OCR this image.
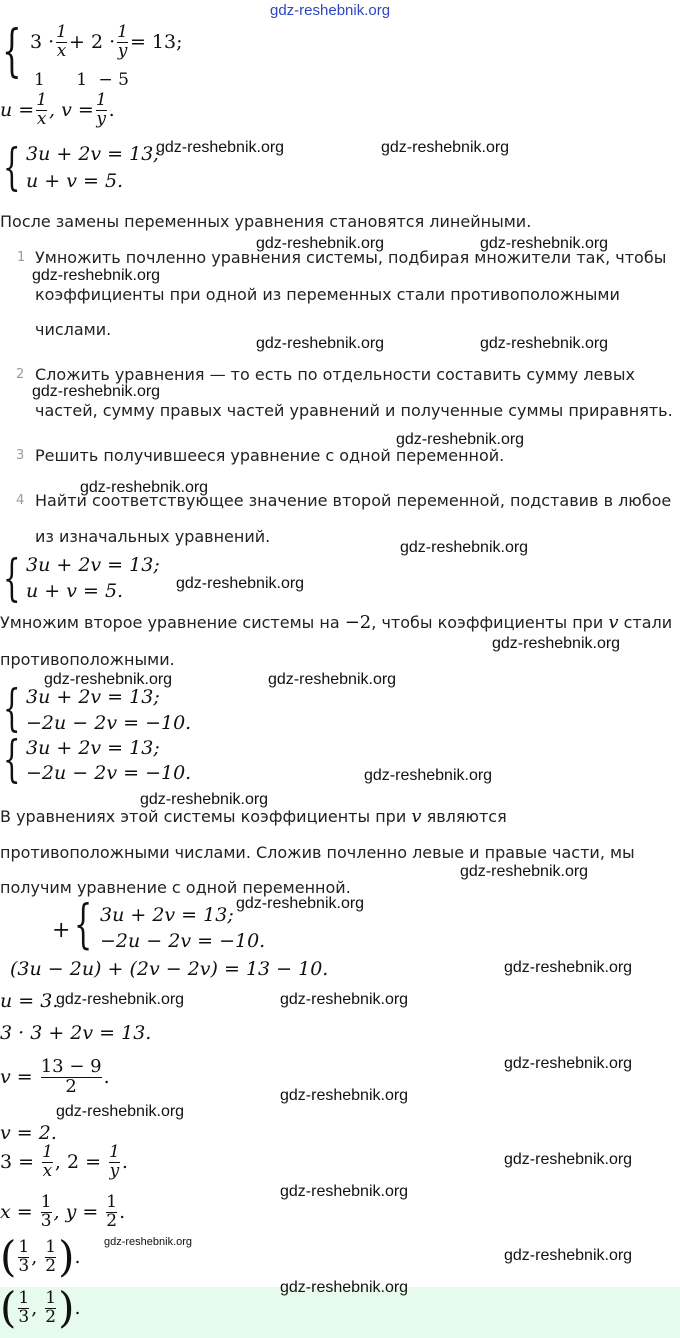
gdz-reshebnik.org
{ $3 \cdot \frac{1}{x} + 2 \cdot \frac{1}{y} = 13$;
1 1 − 5
$u = \frac{1}{x}$ , $v = \frac{1}{y}$ .
{ 3u + 2v = 13;
u + v = 5.
gdz-reshebnik.org	gdz-reshebnik.org
После замены переменных уравнения становятся линейными.
1 Умножить почленно уравнения системы, подбирая множители так, чтобы
коэффициенты при одной из переменных стали противоположными
числами.
gdz-reshebnik.org	gdz-reshebnik.org
gdz-reshebnik.org
gdz-reshebnik.org	gdz-reshebnik.org
2 Сложить уравнения — то есть по отдельности составить сумму левых
частей, сумму правых частей уравнений и полученные суммы приравнять.
gdz-reshebnik.org
3 Решить получившееся уравнение с одной переменной.
gdz-reshebnik.org
4 Найти соответствующее значение второй переменной, подставив в любое
из изначальных уравнений.
gdz-reshebnik.org
gdz-reshebnik.org
{ 3u + 2v = 13;
u + v = 5.	gdz-reshebnik.org
Умножим второе уравнение системы на −2, чтобы коэффициенты при v стали
противоположными.
gdz-reshebnik.org
{ 3u + 2v = 13;
−2u − 2v = −10.
gdz-reshebnik.org	gdz-reshebnik.org
{ 3u + 2v = 13;
−2u − 2v = −10.	gdz-reshebnik.org
gdz-reshebnik.org
В уравнениях этой системы коэффициенты при v являются
противоположными числами. Сложив почленно левые и правые части, мы
получим уравнение с одной переменной.
gdz-reshebnik.org
+ { 3u + 2v = 13;
−2u − 2v = −10.
gdz-reshebnik.org
(3u − 2u) + (2v − 2v) = 13 − 10.	gdz-reshebnik.org
u = 3.
gdz-reshebnik.org	gdz-reshebnik.org
3 · 3 + 2v = 13.
$v = \frac{13 - 9}{2}$ .
gdz-reshebnik.org
gdz-reshebnik.org
gdz-reshebnik.org
v = 2.
$3 = \frac{1}{x}$ , $2 = \frac{1}{y}$ .	gdz-reshebnik.org
$x = \frac{1}{3}$ , $y = \frac{1}{2}$ .
gdz-reshebnik.org
( $\frac{1}{3}$ , $\frac{1}{2}$ ) .
gdz-reshebnik.org
gdz-reshebnik.org
gdz-reshebnik.org
( $\frac{1}{3}$ , $\frac{1}{2}$ ) .
